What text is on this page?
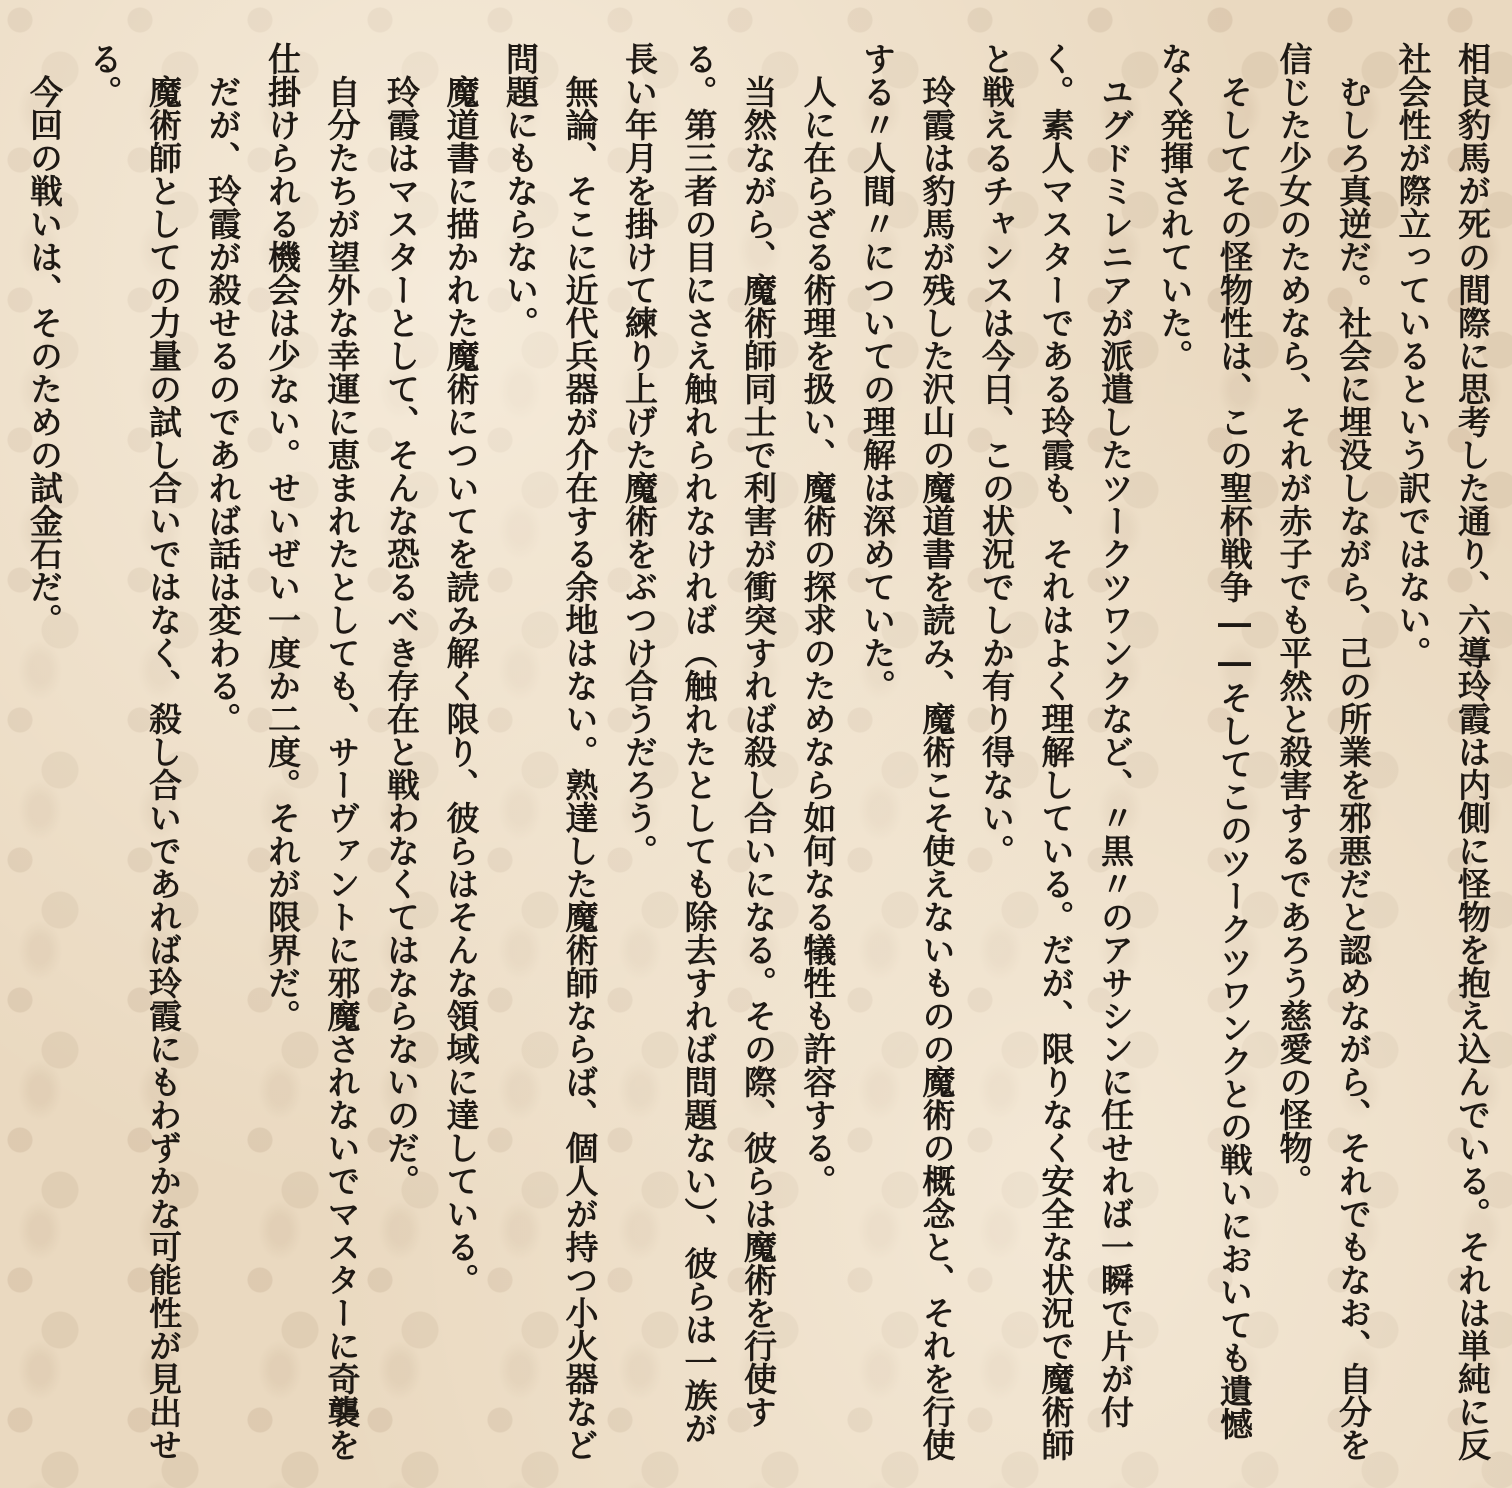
相良豹馬が死の間際に思考した通り、六導玲霞は内側に怪物を抱え込んでいる。それは単純に反社会性が際立っているという訳ではない。

むしろ真逆だ。社会に埋没しながら、己の所業を邪悪だと認めながら、それでもなお、自分を信じた少女のためなら、それが赤子でも平然と殺害するであろう慈愛の怪物。

そしてその怪物性は、この聖杯戦争――そしてこのツークツワンクとの戦いにおいても遺憾なく発揮されていた。

ユグドミレニアが派遣したツークツワンクなど、〃黒〃のアサシンに任せれば一瞬で片が付く。素人マスターである玲霞も、それはよく理解している。だが、限りなく安全な状況で魔術師と戦えるチャンスは今日、この状況でしか有り得ない。

玲霞は豹馬が残した沢山の魔道書を読み、魔術こそ使えないものの魔術の概念と、それを行使する〃人間〃についての理解は深めていた。

人に在らざる術理を扱い、魔術の探求のためなら如何なる犠牲も許容する。

当然ながら、魔術師同士で利害が衝突すれば殺し合いになる。その際、彼らは魔術を行使する。第三者の目にさえ触れられなければ（触れたとしても除去すれば問題ない）、彼らは一族が長い年月を掛けて練り上げた魔術をぶつけ合うだろう。

無論、そこに近代兵器が介在する余地はない。熟達した魔術師ならば、個人が持つ小火器など問題にもならない。

魔道書に描かれた魔術についてを読み解く限り、彼らはそんな領域に達している。

玲霞はマスターとして、そんな恐るべき存在と戦わなくてはならないのだ。

自分たちが望外な幸運に恵まれたとしても、サーヴァントに邪魔されないでマスターに奇襲を仕掛けられる機会は少ない。せいぜい一度か二度。それが限界だ。

だが、玲霞が殺せるのであれば話は変わる。

魔術師としての力量の試し合いではなく、殺し合いであれば玲霞にもわずかな可能性が見出せる。

今回の戦いは、そのための試金石だ。
